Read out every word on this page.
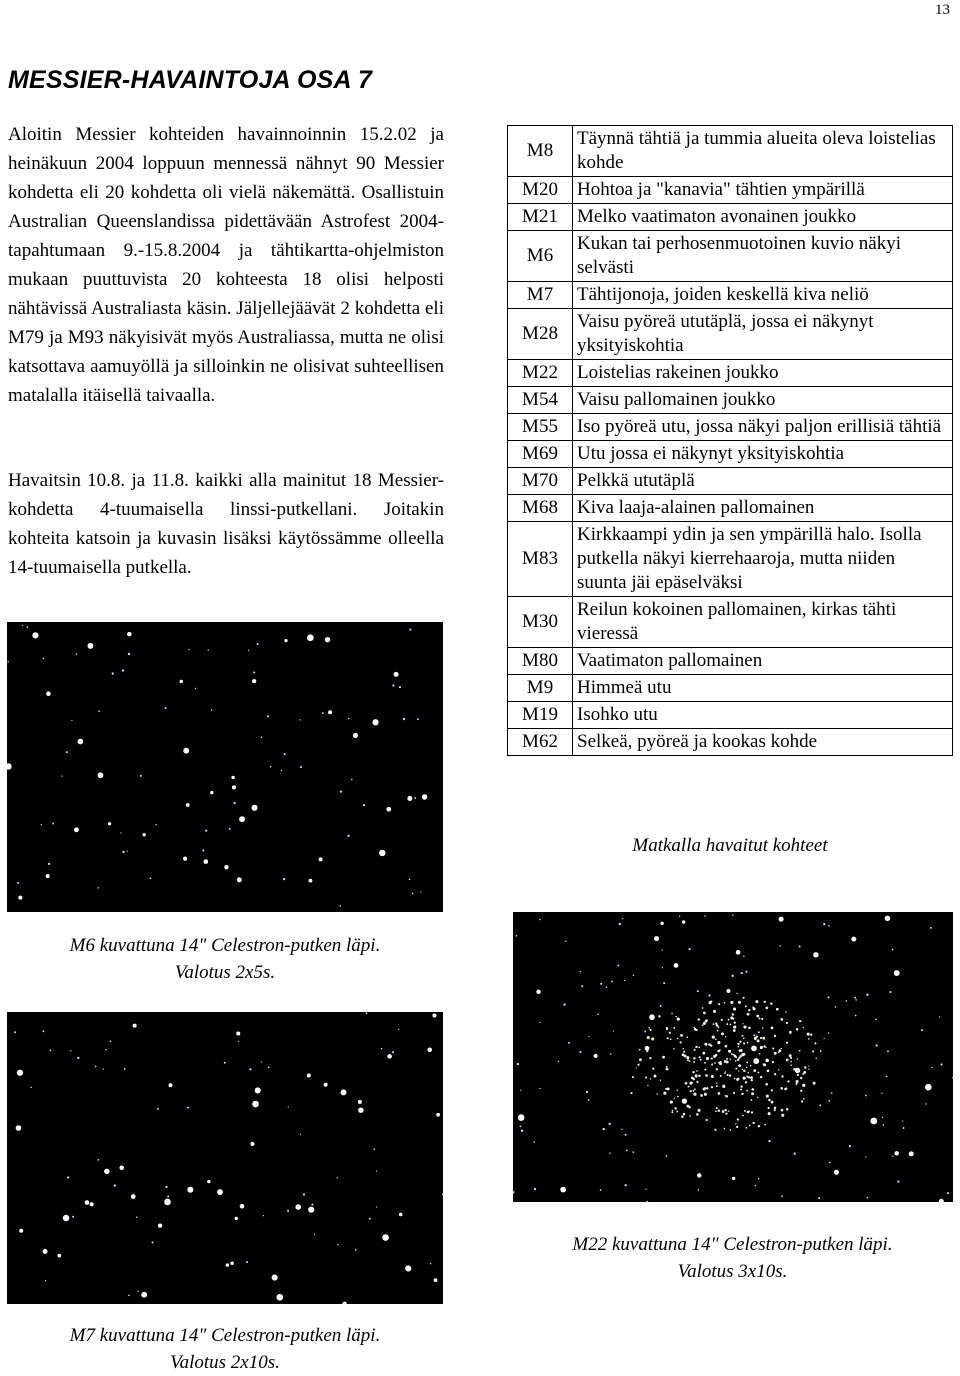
13
MESSIER-HAVAINTOJA OSA 7

Aloitin Messier kohteiden havainnoinnin 15.2.02 ja heinäkuun 2004 loppuun mennessä nähnyt 90 Messier kohdetta eli 20 kohdetta oli vielä näkemättä. Osallistuin Australian Queenslandissa pidettävään Astrofest 2004-tapahtumaan 9.-15.8.2004 ja tähtikartta-ohjelmiston mukaan puuttuvista 20 kohteesta 18 olisi helposti nähtävissä Australiasta käsin. Jäljellejäävät 2 kohdetta eli M79 ja M93 näkyisivät myös Australiassa, mutta ne olisi katsottava aamuyöllä ja silloinkin ne olisivat suhteellisen matalalla itäisellä taivaalla.

Havaitsin 10.8. ja 11.8. kaikki alla mainitut 18 Messier-kohdetta 4-tuumaisella linssi-putkellani. Joitakin kohteita katsoin ja kuvasin lisäksi käytössämme olleella 14-tuumaisella putkella.

M8	Täynnä tähtiä ja tummia alueita oleva loistelias kohde
M20	Hohtoa ja "kanavia" tähtien ympärillä
M21	Melko vaatimaton avonainen joukko
M6	Kukan tai perhosenmuotoinen kuvio näkyi selvästi
M7	Tähtijonoja, joiden keskellä kiva neliö
M28	Vaisu pyöreä ututäplä, jossa ei näkynyt yksityiskohtia
M22	Loistelias rakeinen joukko
M54	Vaisu pallomainen joukko
M55	Iso pyöreä utu, jossa näkyi paljon erillisiä tähtiä
M69	Utu jossa ei näkynyt yksityiskohtia
M70	Pelkkä ututäplä
M68	Kiva laaja-alainen pallomainen
M83	Kirkkaampi ydin ja sen ympärillä halo. Isolla putkella näkyi kierrehaaroja, mutta niiden suunta jäi epäselväksi
M30	Reilun kokoinen pallomainen, kirkas tähti vieressä
M80	Vaatimaton pallomainen
M9	Himmeä utu
M19	Isohko utu
M62	Selkeä, pyöreä ja kookas kohde
Matkalla havaitut kohteet
M6 kuvattuna 14" Celestron-putken läpi.
Valotus 2x5s.
M22 kuvattuna 14" Celestron-putken läpi.
Valotus 3x10s.
M7 kuvattuna 14" Celestron-putken läpi.
Valotus 2x10s.
